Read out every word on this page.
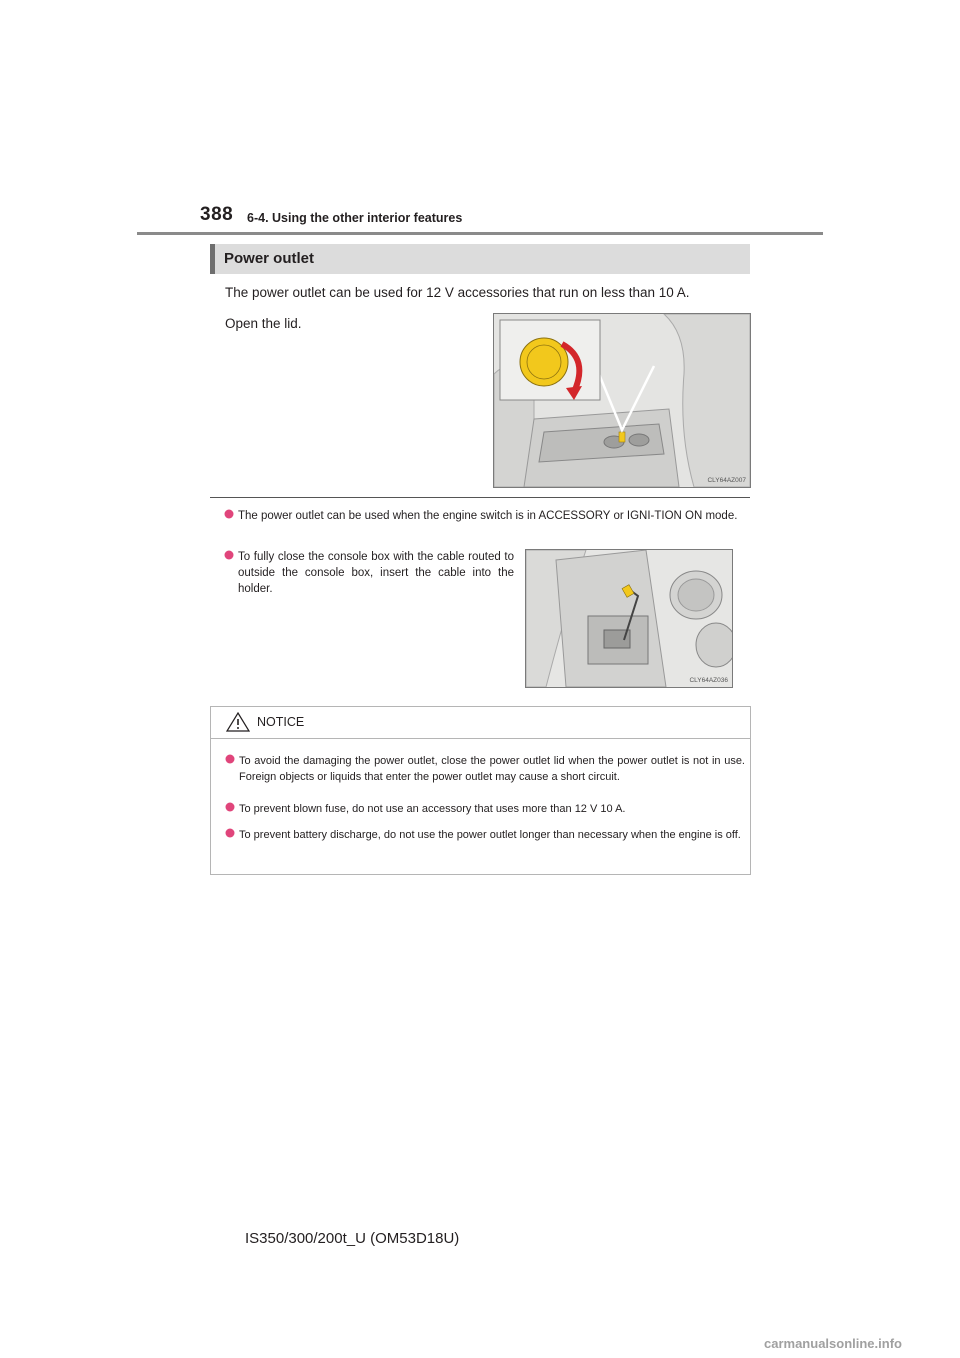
388 6-4. Using the other interior features
Power outlet
The power outlet can be used for 12 V accessories that run on less than 10 A.
Open the lid.
CLY64AZ007
The power outlet can be used when the engine switch is in ACCESSORY or IGNI-TION ON mode.
To fully close the console box with the cable routed to outside the console box, insert the cable into the holder.
CLY64AZ036
NOTICE
To avoid the damaging the power outlet, close the power outlet lid when the power outlet is not in use. Foreign objects or liquids that enter the power outlet may cause a short circuit.
To prevent blown fuse, do not use an accessory that uses more than 12 V 10 A.
To prevent battery discharge, do not use the power outlet longer than necessary when the engine is off.
IS350/300/200t_U (OM53D18U)
carmanualsonline.info
